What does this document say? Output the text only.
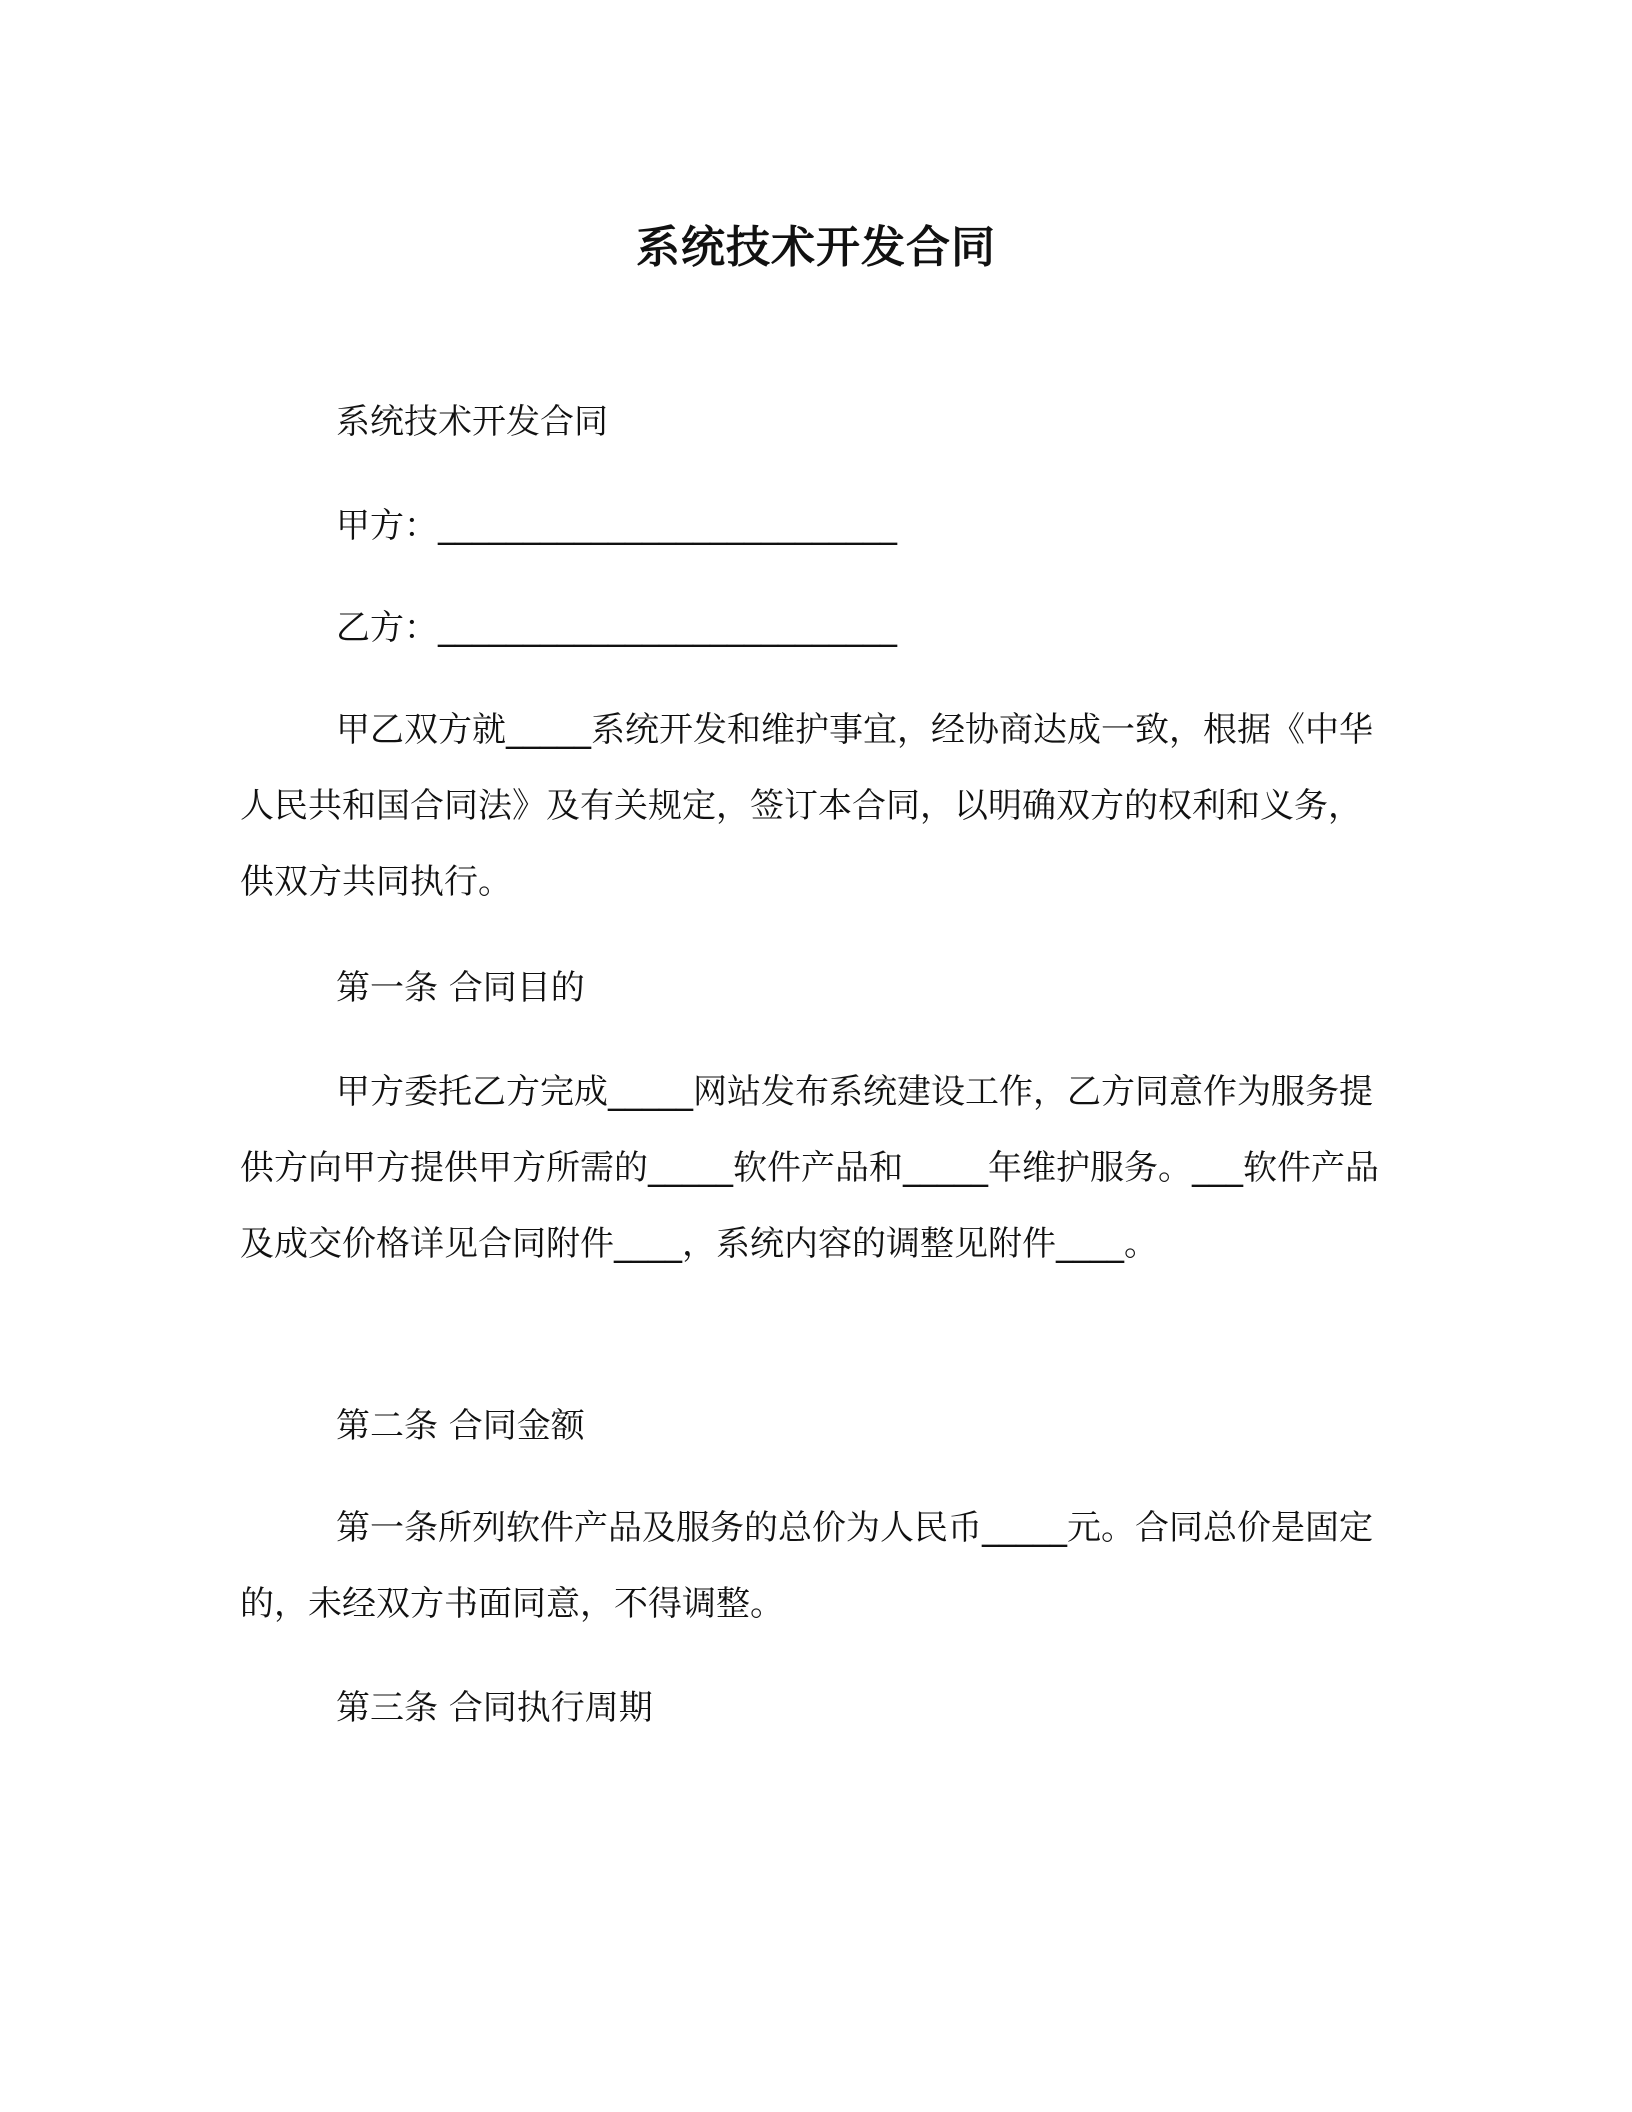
系统技术开发合同

系统技术开发合同

甲方：___________________________

乙方：___________________________

甲乙双方就_____系统开发和维护事宜，经协商达成一致，根据《中华人民共和国合同法》及有关规定，签订本合同，以明确双方的权利和义务，供双方共同执行。

第一条 合同目的

甲方委托乙方完成_____网站发布系统建设工作，乙方同意作为服务提供方向甲方提供甲方所需的_____软件产品和_____年维护服务。___软件产品及成交价格详见合同附件____，系统内容的调整见附件____。

第二条 合同金额

第一条所列软件产品及服务的总价为人民币_____元。合同总价是固定的，未经双方书面同意，不得调整。

第三条 合同执行周期
